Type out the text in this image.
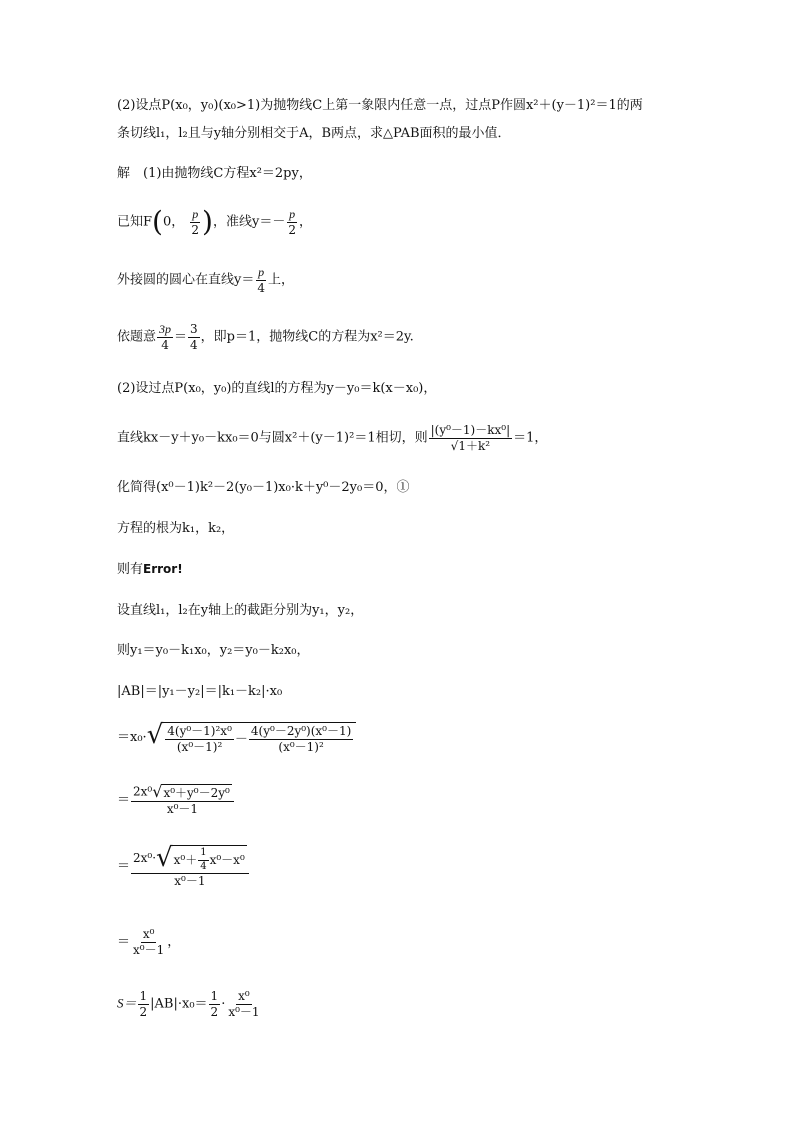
(2)设点P(x₀，y₀)(x₀>1)为抛物线C上第一象限内任意一点，过点P作圆x²＋(y－1)²＝1的两
条切线l₁，l₂且与y轴分别相交于A，B两点，求△PAB面积的最小值．
解　(1)由抛物线C方程x²＝2py，
已知F(0， $\frac{p}{2}$ )，准线$y=- \frac{p}{2}$ ，
外接圆的圆心在直线$y= \frac{p}{4}$ 上，
依题意 $\frac{3p}{4} = \frac{3}{4}$ ，即p＝1，抛物线C的方程为x²＝2y.
(2)设过点P(x₀，y₀)的直线l的方程为y－y₀＝k(x－x₀)，
直线kx－y＋y₀－kx₀＝0与圆x²＋(y－1)²＝1相切，则 $\frac{\text{|(y⁰－1)－kx⁰|}}{\text{√1＋k²}} =1$，
化简得(x⁰－1)k²－2(y₀－1)x₀·k＋y⁰－2y₀＝0，①
方程的根为k₁，k₂，
则有Error!
设直线l₁，l₂在y轴上的截距分别为y₁，y₂，
则y₁＝y₀－k₁x₀，y₂＝y₀－k₂x₀，
|AB|＝|y₁－y₂|＝|k₁－k₂|·x₀
＝x₀· √ $\frac{\text{4(y⁰－1)²x⁰}}{\text{(x⁰－1)²}} - \frac{\text{4(y⁰－2y⁰)(x⁰－1)}}{\text{(x⁰－1)²}}$
＝ $\frac{\text{2x⁰ √ x⁰＋y⁰－2y⁰}}{\text{x⁰－1}}$
＝ $\frac{2x^0\cdot √ x^0+ \frac{1}{4} x^0-x^0}{\text{x⁰－1}}$
＝ $\frac{\text{x⁰}}{\text{x⁰－1}}$ ，
$S= \frac{1}{2} |AB|\cdot x_0= \frac{1}{2} \cdot \frac{\text{x⁰}}{\text{x⁰－1}}$
